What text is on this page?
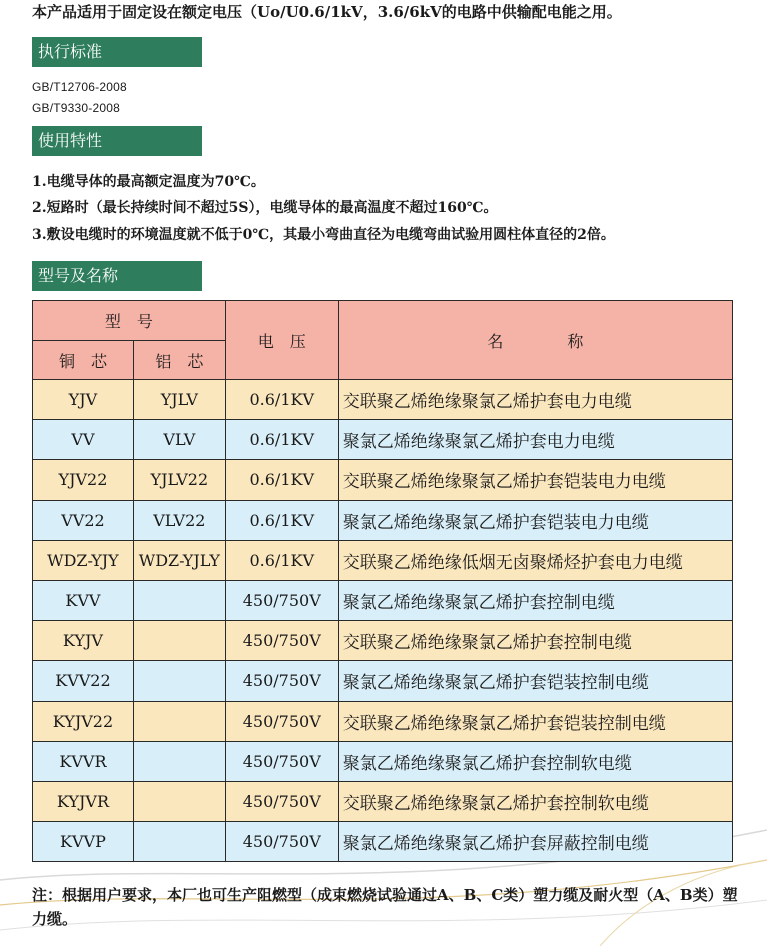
本产品适用于固定设在额定电压（Uo/U0.6/1kV，3.6/6kV的电路中供输配电能之用。
执行标准
GB/T12706-2008
GB/T9330-2008
使用特性
1.电缆导体的最高额定温度为70℃。
2.短路时（最长持续时间不超过5S），电缆导体的最高温度不超过160℃。
3.敷设电缆时的环境温度就不低于0℃，其最小弯曲直径为电缆弯曲试验用圆柱体直径的2倍。
型号及名称
型　号		电　压	名　　　　称
铜　芯	铝　芯		
YJV	YJLV	0.6/1KV	交联聚乙烯绝缘聚氯乙烯护套电力电缆
VV	VLV	0.6/1KV	聚氯乙烯绝缘聚氯乙烯护套电力电缆
YJV22	YJLV22	0.6/1KV	交联聚乙烯绝缘聚氯乙烯护套铠装电力电缆
VV22	VLV22	0.6/1KV	聚氯乙烯绝缘聚氯乙烯护套铠装电力电缆
WDZ-YJY	WDZ-YJLY	0.6/1KV	交联聚乙烯绝缘低烟无卤聚烯烃护套电力电缆
KVV		450/750V	聚氯乙烯绝缘聚氯乙烯护套控制电缆
KYJV		450/750V	交联聚乙烯绝缘聚氯乙烯护套控制电缆
KVV22		450/750V	聚氯乙烯绝缘聚氯乙烯护套铠装控制电缆
KYJV22		450/750V	交联聚乙烯绝缘聚氯乙烯护套铠装控制电缆
KVVR		450/750V	聚氯乙烯绝缘聚氯乙烯护套控制软电缆
KYJVR		450/750V	交联聚乙烯绝缘聚氯乙烯护套控制软电缆
KVVP		450/750V	聚氯乙烯绝缘聚氯乙烯护套屏蔽控制电缆
注：根据用户要求，本厂也可生产阻燃型（成束燃烧试验通过A、B、C类）塑力缆及耐火型（A、B类）塑力缆。
